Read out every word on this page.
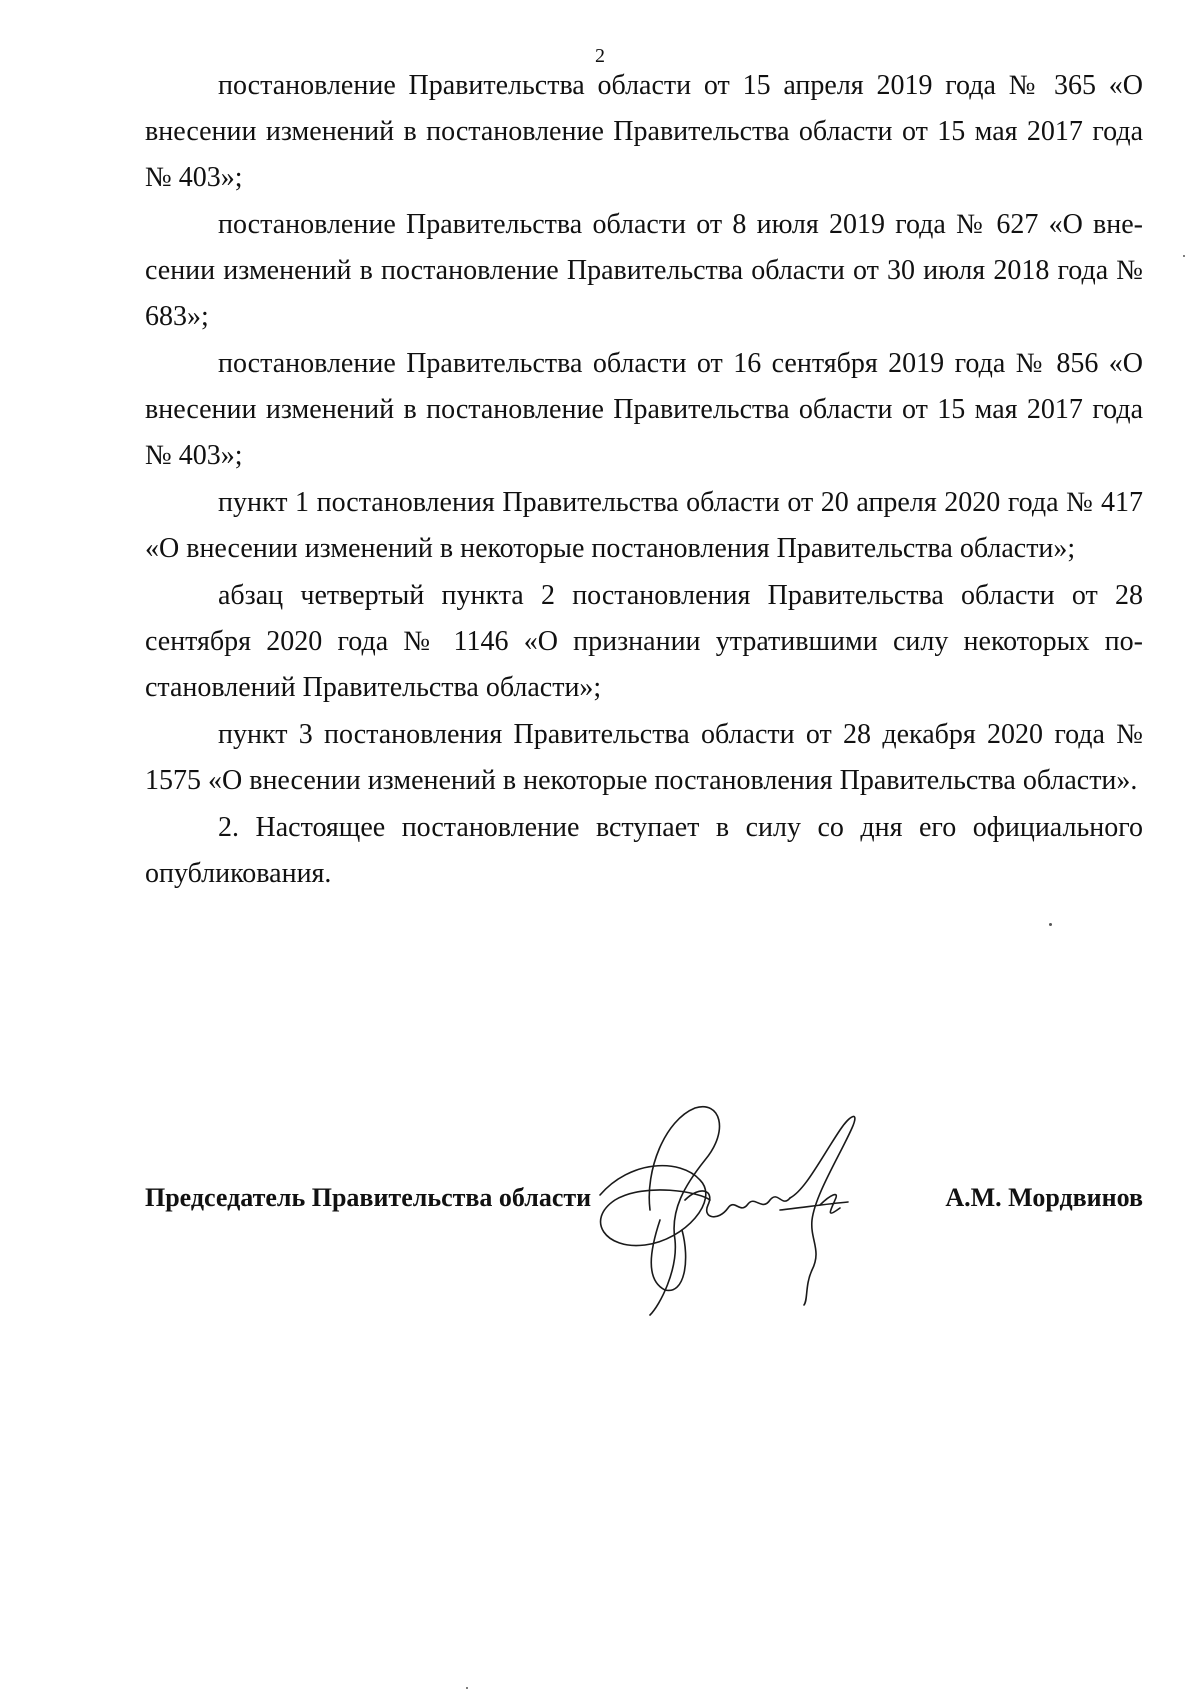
2

постановление Правительства области от 15 апреля 2019 года № 365 «О внесении изменений в постановление Правительства области от 15 мая 2017 года № 403»;

постановление Правительства области от 8 июля 2019 года № 627 «О внесении изменений в постановление Правительства области от 30 июля 2018 года № 683»;

постановление Правительства области от 16 сентября 2019 года № 856 «О внесении изменений в постановление Правительства области от 15 мая 2017 года № 403»;

пункт 1 постановления Правительства области от 20 апреля 2020 года № 417 «О внесении изменений в некоторые постановления Правительства области»;

абзац четвертый пункта 2 постановления Правительства области от 28 сентября 2020 года № 1146 «О признании утратившими силу некоторых постановлений Правительства области»;

пункт 3 постановления Правительства области от 28 декабря 2020 года № 1575 «О внесении изменений в некоторые постановления Правительства области».

2. Настоящее постановление вступает в силу со дня его официального опубликования.

Председатель Правительства области	А.М. Мордвинов
